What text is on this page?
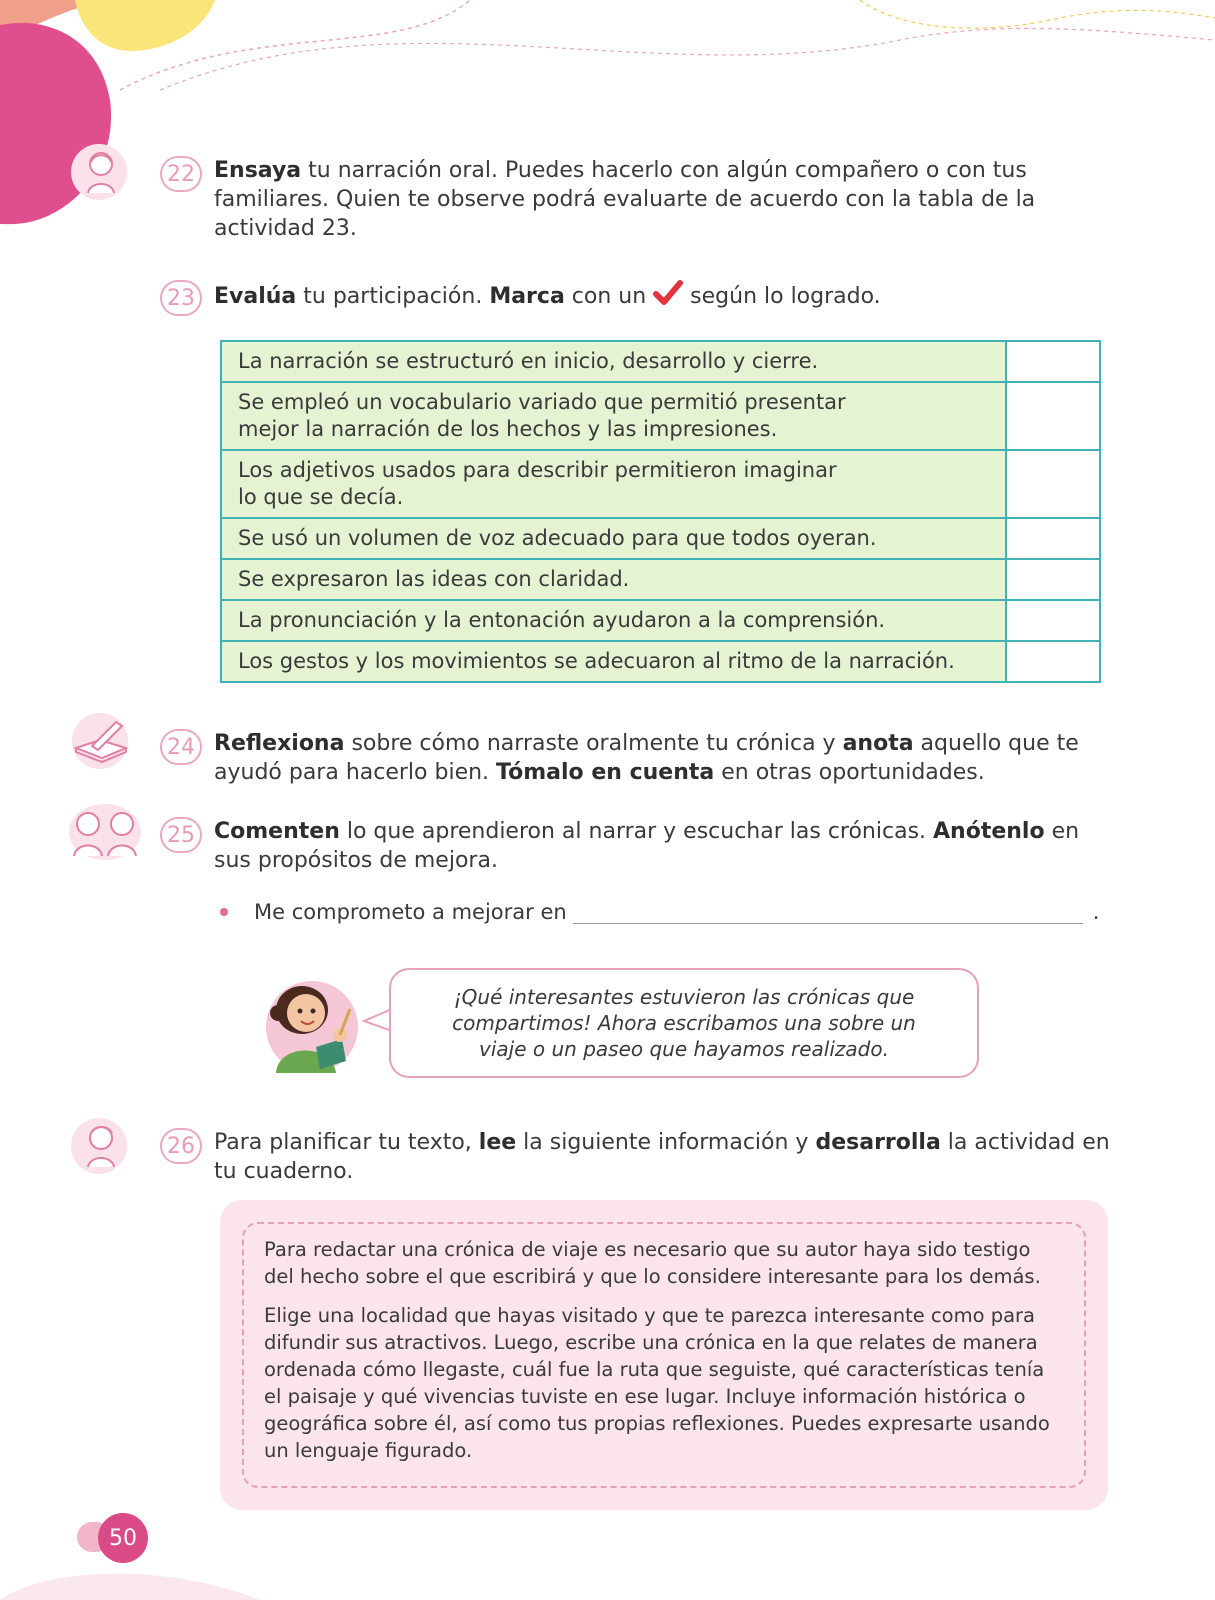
22 Ensaya tu narración oral. Puedes hacerlo con algún compañero o con tus familiares. Quien te observe podrá evaluarte de acuerdo con la tabla de la actividad 23.
23 Evalúa tu participación. Marca con un  según lo logrado.
La narración se estructuró en inicio, desarrollo y cierre.	
Se empleó un vocabulario variado que permitió presentar mejor la narración de los hechos y las impresiones.	
Los adjetivos usados para describir permitieron imaginar lo que se decía.	
Se usó un volumen de voz adecuado para que todos oyeran.	
Se expresaron las ideas con claridad.	
La pronunciación y la entonación ayudaron a la comprensión.	
Los gestos y los movimientos se adecuaron al ritmo de la narración.	
24 Reflexiona sobre cómo narraste oralmente tu crónica y anota aquello que te ayudó para hacerlo bien. Tómalo en cuenta en otras oportunidades.
25 Comenten lo que aprendieron al narrar y escuchar las crónicas. Anótenlo en sus propósitos de mejora.
Me comprometo a mejorar en	.
¡Qué interesantes estuvieron las crónicas que compartimos! Ahora escribamos una sobre un viaje o un paseo que hayamos realizado.
26 Para planificar tu texto, lee la siguiente información y desarrolla la actividad en tu cuaderno.

Para redactar una crónica de viaje es necesario que su autor haya sido testigo del hecho sobre el que escribirá y que lo considere interesante para los demás.

Elige una localidad que hayas visitado y que te parezca interesante como para difundir sus atractivos. Luego, escribe una crónica en la que relates de manera ordenada cómo llegaste, cuál fue la ruta que seguiste, qué características tenía el paisaje y qué vivencias tuviste en ese lugar. Incluye información histórica o geográfica sobre él, así como tus propias reflexiones. Puedes expresarte usando un lenguaje figurado.

50
